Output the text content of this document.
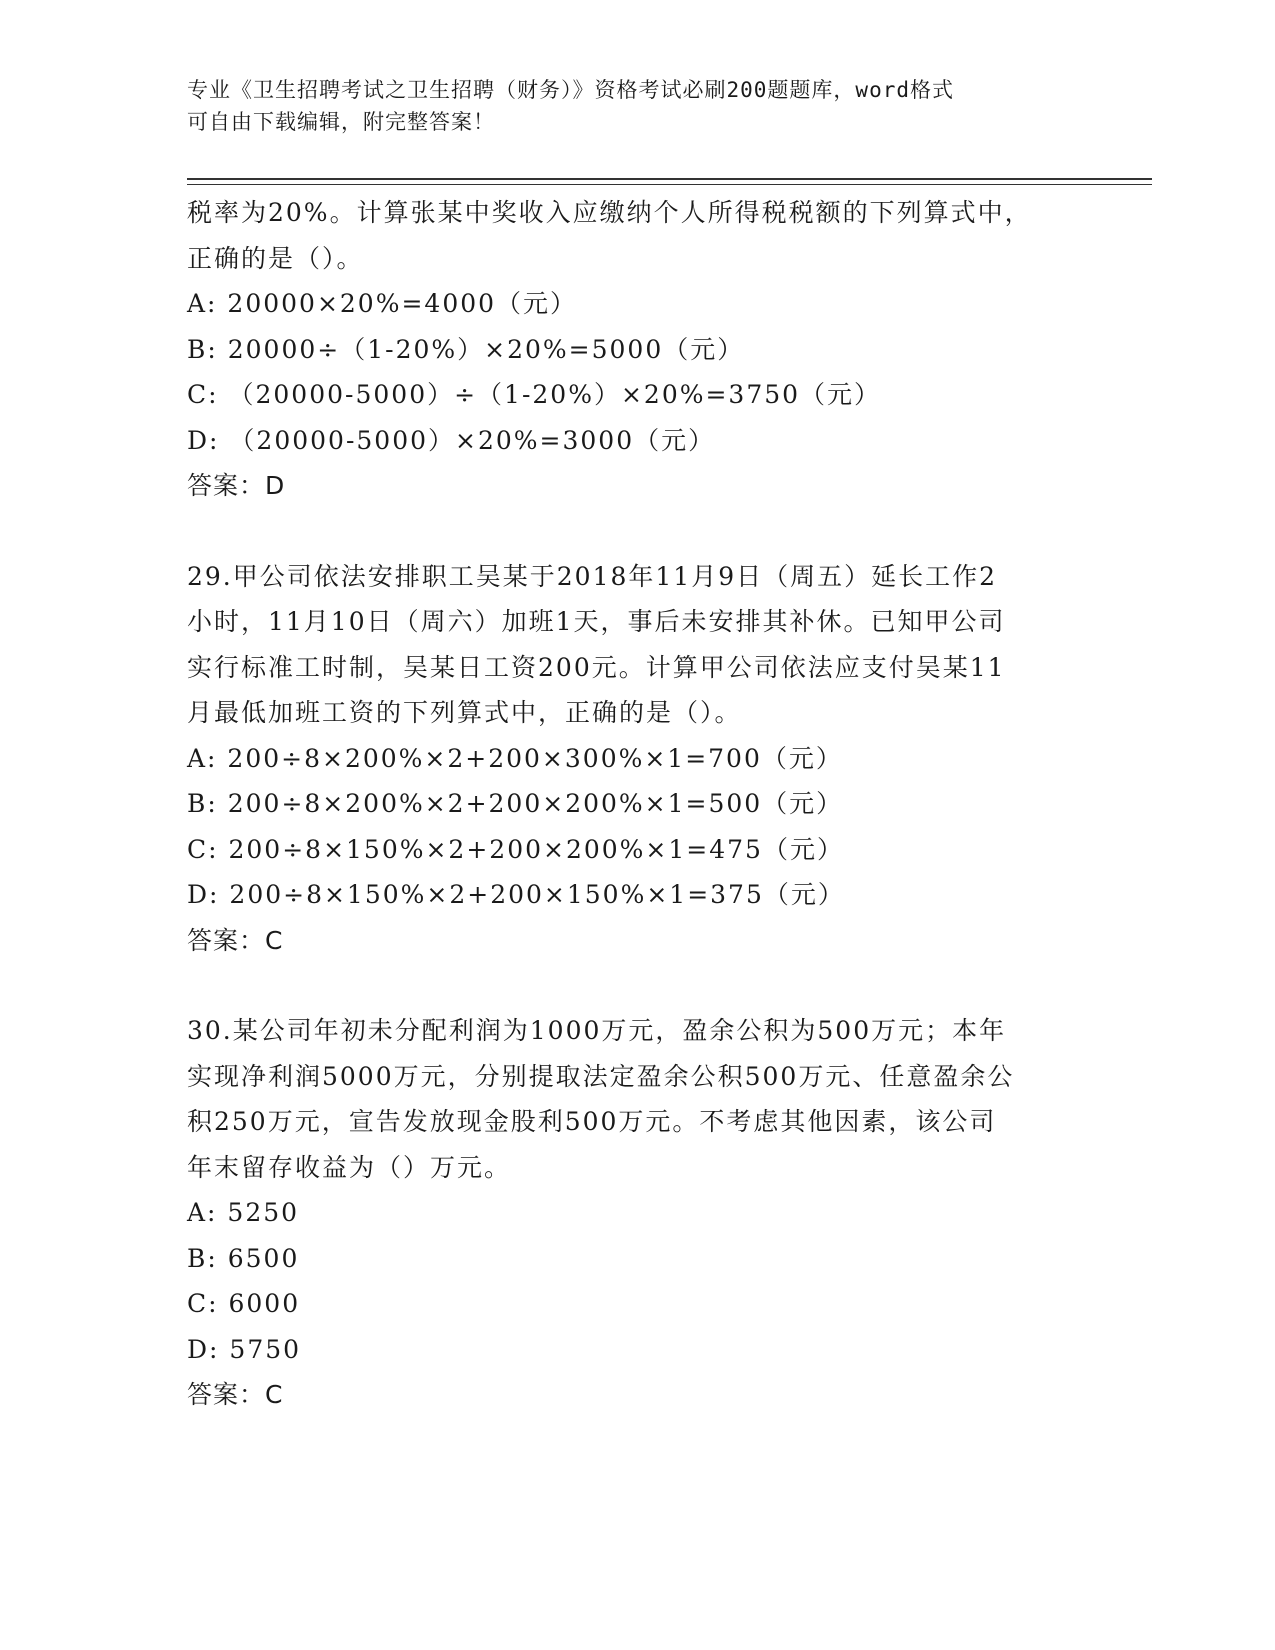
专业《卫生招聘考试之卫生招聘（财务）》资格考试必刷200题题库，word格式
可自由下载编辑，附完整答案！
税率为20%。计算张某中奖收入应缴纳个人所得税税额的下列算式中，
正确的是（）。
A: 20000×20%=4000（元）
B: 20000÷（1-20%）×20%=5000（元）
C: （20000-5000）÷（1-20%）×20%=3750（元）
D: （20000-5000）×20%=3000（元）
答案：D
29.甲公司依法安排职工吴某于2018年11月9日（周五）延长工作2
小时，11月10日（周六）加班1天，事后未安排其补休。已知甲公司
实行标准工时制，吴某日工资200元。计算甲公司依法应支付吴某11
月最低加班工资的下列算式中，正确的是（）。
A: 200÷8×200%×2+200×300%×1=700（元）
B: 200÷8×200%×2+200×200%×1=500（元）
C: 200÷8×150%×2+200×200%×1=475（元）
D: 200÷8×150%×2+200×150%×1=375（元）
答案：C
30.某公司年初未分配利润为1000万元，盈余公积为500万元；本年
实现净利润5000万元，分别提取法定盈余公积500万元、任意盈余公
积250万元，宣告发放现金股利500万元。不考虑其他因素，该公司
年末留存收益为（）万元。
A: 5250
B: 6500
C: 6000
D: 5750
答案：C
